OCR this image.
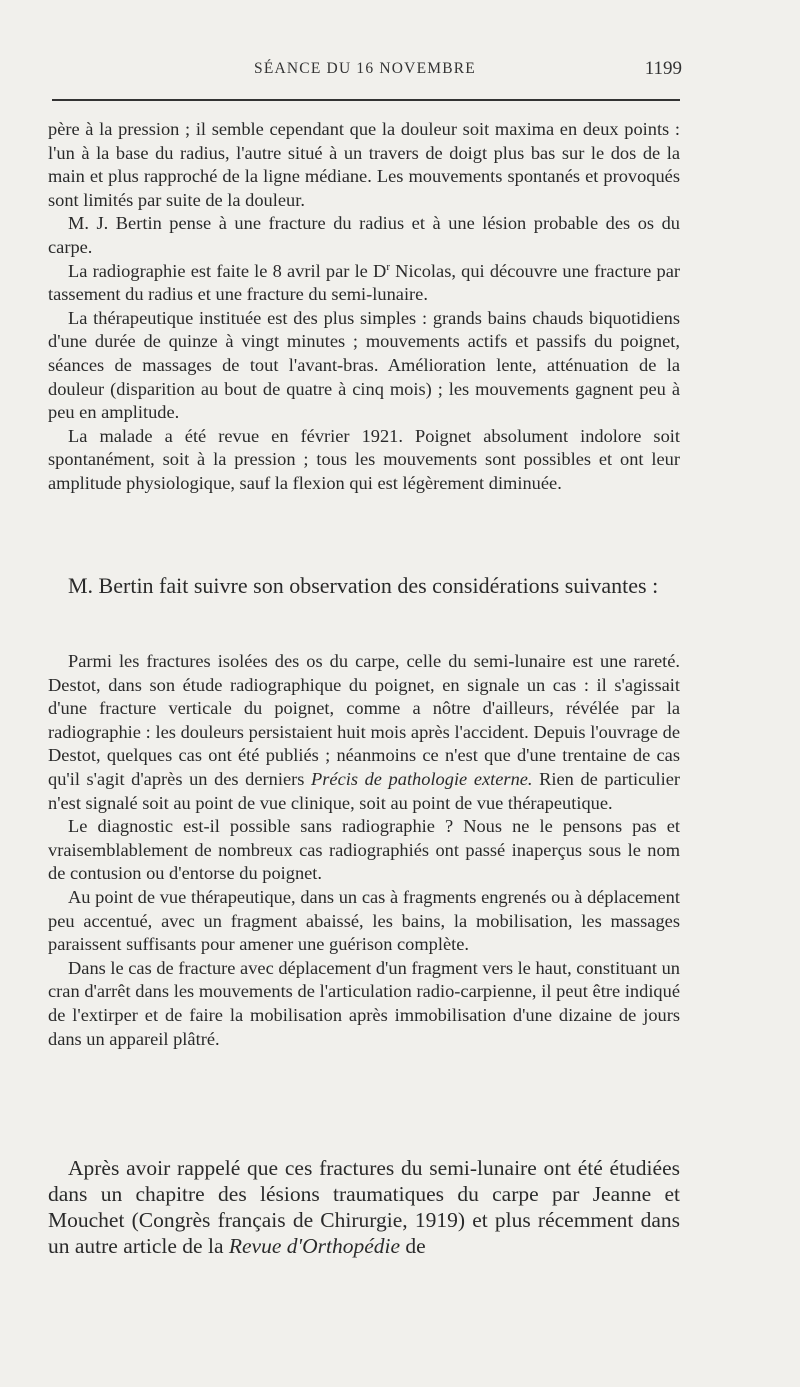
SÉANCE DU 16 NOVEMBRE	1199

père à la pression ; il semble cependant que la douleur soit maxima en deux points : l'un à la base du radius, l'autre situé à un travers de doigt plus bas sur le dos de la main et plus rapproché de la ligne médiane. Les mouvements spontanés et provoqués sont limités par suite de la douleur.

M. J. Bertin pense à une fracture du radius et à une lésion probable des os du carpe.

La radiographie est faite le 8 avril par le $D^r$ Nicolas, qui découvre une fracture par tassement du radius et une fracture du semi-lunaire.

La thérapeutique instituée est des plus simples : grands bains chauds biquotidiens d'une durée de quinze à vingt minutes ; mouvements actifs et passifs du poignet, séances de massages de tout l'avant-bras. Amélioration lente, atténuation de la douleur (disparition au bout de quatre à cinq mois) ; les mouvements gagnent peu à peu en amplitude.

La malade a été revue en février 1921. Poignet absolument indolore soit spontanément, soit à la pression ; tous les mouvements sont possibles et ont leur amplitude physiologique, sauf la flexion qui est légèrement diminuée.

M. Bertin fait suivre son observation des considérations suivantes :

Parmi les fractures isolées des os du carpe, celle du semi-lunaire est une rareté. Destot, dans son étude radiographique du poignet, en signale un cas : il s'agissait d'une fracture verticale du poignet, comme a nôtre d'ailleurs, révélée par la radiographie : les douleurs persistaient huit mois après l'accident. Depuis l'ouvrage de Destot, quelques cas ont été publiés ; néanmoins ce n'est que d'une trentaine de cas qu'il s'agit d'après un des derniers Précis de pathologie externe. Rien de particulier n'est signalé soit au point de vue clinique, soit au point de vue thérapeutique.

Le diagnostic est-il possible sans radiographie ? Nous ne le pensons pas et vraisemblablement de nombreux cas radiographiés ont passé inaperçus sous le nom de contusion ou d'entorse du poignet.

Au point de vue thérapeutique, dans un cas à fragments engrenés ou à déplacement peu accentué, avec un fragment abaissé, les bains, la mobilisation, les massages paraissent suffisants pour amener une guérison complète.

Dans le cas de fracture avec déplacement d'un fragment vers le haut, constituant un cran d'arrêt dans les mouvements de l'articulation radio-carpienne, il peut être indiqué de l'extirper et de faire la mobilisation après immobilisation d'une dizaine de jours dans un appareil plâtré.

Après avoir rappelé que ces fractures du semi-lunaire ont été étudiées dans un chapitre des lésions traumatiques du carpe par Jeanne et Mouchet (Congrès français de Chirurgie, 1919) et plus récemment dans un autre article de la Revue d'Orthopédie de
